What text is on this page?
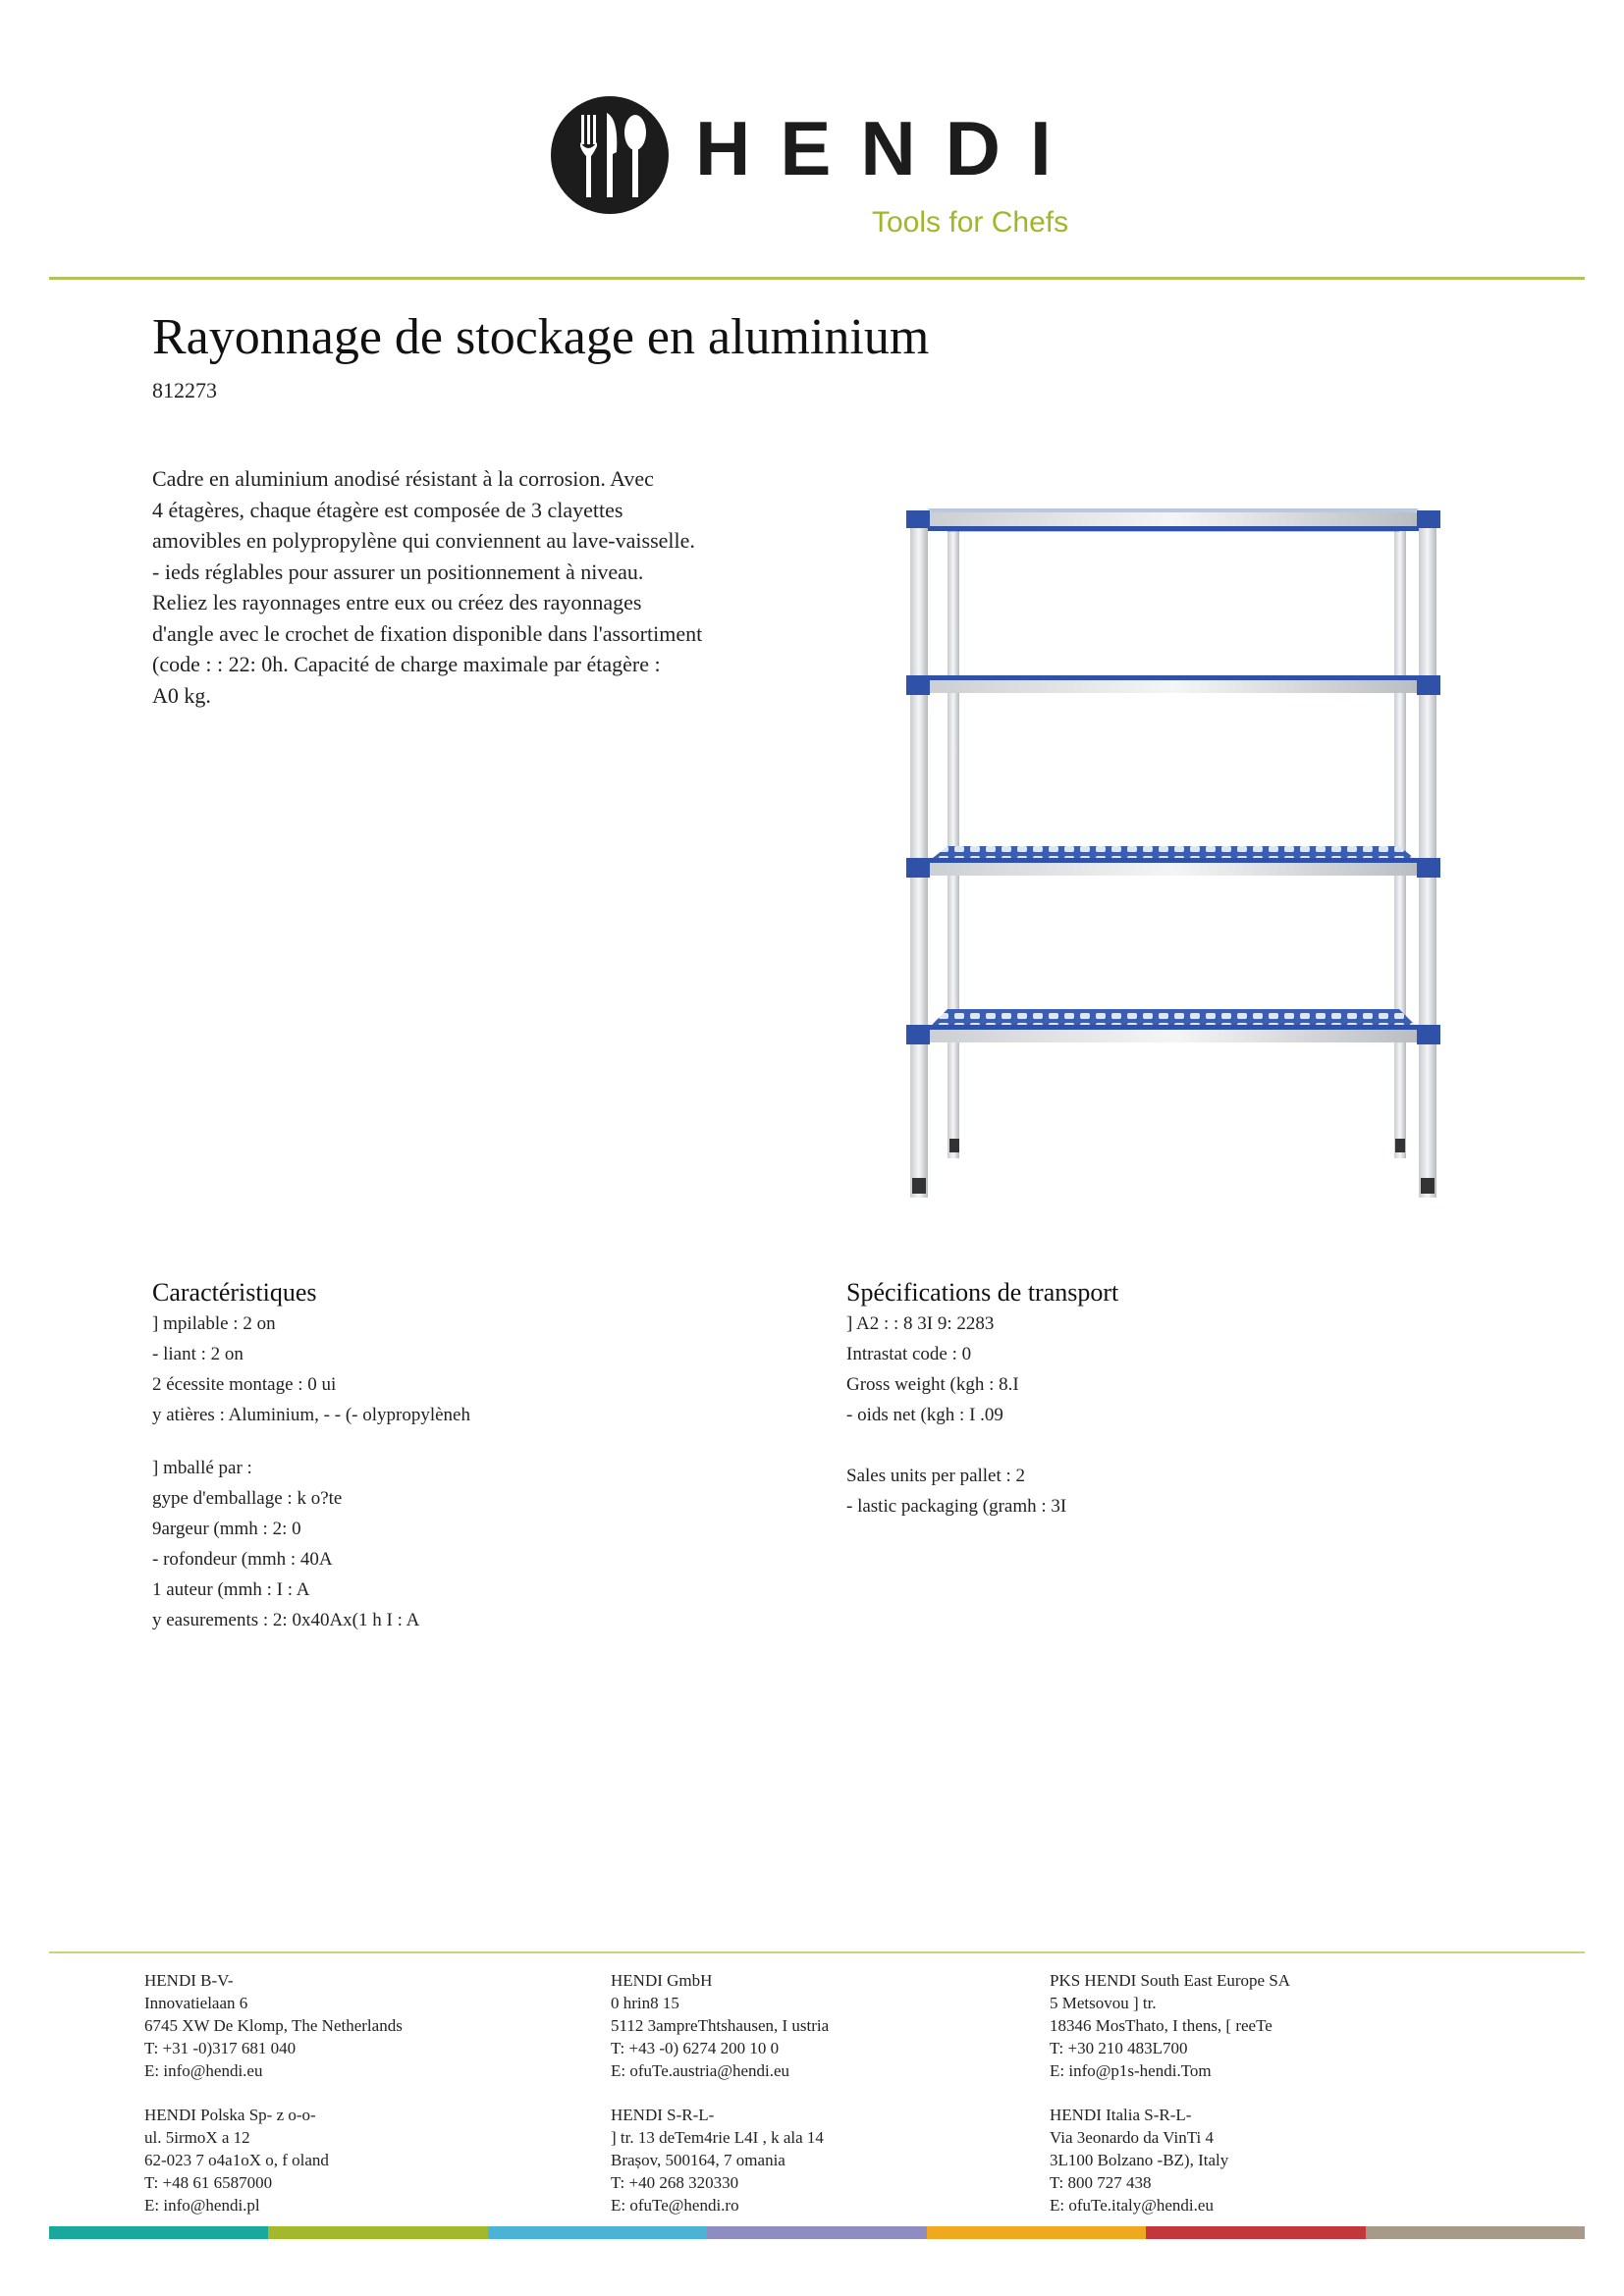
HENDI
Tools for Chefs
Rayonnage de stockage en aluminium
812273
Cadre en aluminium anodisé résistant à la corrosion. Avec
4 étagères, chaque étagère est composée de 3 clayettes
amovibles en polypropylène qui conviennent au lave-vaisselle.
- ieds réglables pour assurer un positionnement à niveau.
Reliez les rayonnages entre eux ou créez des rayonnages
d'angle avec le crochet de fixation disponible dans l'assortiment
(code : : 22: 0h. Capacité de charge maximale par étagère :
A0 kg.
Caractéristiques
] mpilable : 2 on
- liant : 2 on
2 écessite montage : 0 ui
y atières : Aluminium, - - (- olypropylèneh
] mballé par :
gype d'emballage : k o?te
9argeur (mmh : 2: 0
- rofondeur (mmh : 40A
1 auteur (mmh : I : A
y easurements : 2: 0x40Ax(1 h I : A
Spécifications de transport
] A2 : : 8 3I 9: 2283
Intrastat code : 0
Gross weight (kgh : 8.I
- oids net (kgh : I .09
Sales units per pallet : 2
- lastic packaging (gramh : 3I
HENDI B-V-
Innovatielaan 6
6745 XW De Klomp, The Netherlands
T: +31 -0)317 681 040
E: info@hendi.eu
HENDI Polska Sp- z o-o-
ul. 5irmoX a 12
62-023 7 o4a1oX o, f oland
T: +48 61 6587000
E: info@hendi.pl
HENDI GmbH
0 hrin8 15
5112 3ampreThtshausen, I ustria
T: +43 -0) 6274 200 10 0
E: ofuTe.austria@hendi.eu
HENDI S-R-L-
] tr. 13 deTem4rie L4I , k ala 14
Brașov, 500164, 7 omania
T: +40 268 320330
E: ofuTe@hendi.ro
PKS HENDI South East Europe SA
5 Metsovou ] tr.
18346 MosThato, I thens, [ reeTe
T: +30 210 483L700
E: info@p1s-hendi.Tom
HENDI Italia S-R-L-
Via 3eonardo da VinTi 4
3L100 Bolzano -BZ), Italy
T: 800 727 438
E: ofuTe.italy@hendi.eu
